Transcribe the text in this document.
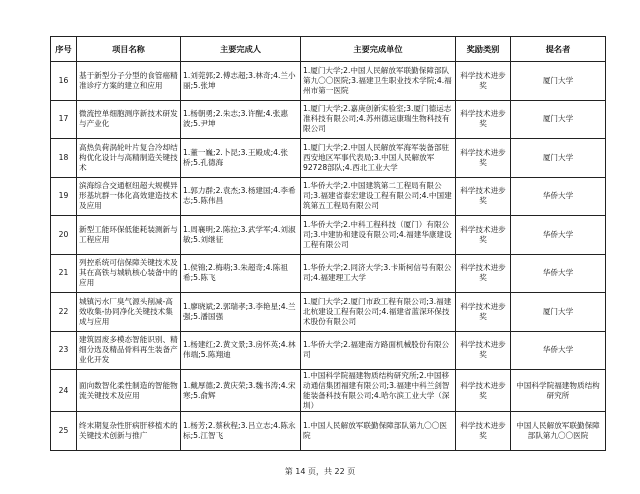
序号	项目名称	主要完成人	主要完成单位	奖励类别	提名者
16	基于新型分子分型的食管癌精准诊疗方案的建立和应用	1.刘莞郭;2.傅志超;3.林奇;4.兰小丽;5.张坤	1.厦门大学;2.中国人民解放军联勤保障部队第九〇〇医院;3.福建卫生职业技术学院;4.福州市第一医院	科学技术进步奖	厦门大学
17	微流控单细胞测序新技术研发与产业化	1.杨朝勇;2.朱志;3.许醒;4.张惠波;5.尹坤	1.厦门大学;2.嘉庚创新实验室;3.厦门德运志准科技有限公司;4.苏州德运康瑞生物科技有限公司	科学技术进步奖	厦门大学
18	高热负荷涡轮叶片复合冷却结构优化设计与高精制造关键技术	1.董一巍;2.卜昆;3.王殿成;4.张桥;5.孔德海	1.厦门大学;2.中国人民解放军海军装备部驻西安地区军事代表局;3.中国人民解放军92728部队;4.西北工业大学	科学技术进步奖	厦门大学
19	滨海综合交通枢纽超大规模异形基坑群一体化高效建造技术及应用	1.郭力群;2.袁杰;3.杨建国;4.李希志;5.陈伟昌	1.华侨大学;2.中国建筑第二工程局有限公司;3.福建省泰宏建设工程有限公司;4.中国建筑第五工程局有限公司	科学技术进步奖	华侨大学
20	新型工能环保低能耗装测新与工程应用	1.周襄明;2.陈拉;3.武学军;4.刘淑敏;5.刘继征	1.华侨大学;2.中科工程科技（厦门）有限公司;3.中建协和建设有限公司;4.福建华康建设工程有限公司	科学技术进步奖	华侨大学
21	列控系统可信保障关键技术及其在高铁与城轨核心装备中的应用	1.侯锦;2.梅萌;3.朱超奇;4.陈祖希;5.陈飞	1.华侨大学;2.同济大学;3.卡斯柯信号有限公司;4.福建理工大学	科学技术进步奖	华侨大学
22	城镇污水厂臭气源头削减-高效收集-协同净化关键技术集成与应用	1.廖晓斌;2.郭瑞孝;3.李艳星;4.兰强;5.潘国强	1.厦门大学;2.厦门市政工程有限公司;3.福建北杭建设工程有限公司;4.福建省蓝深环保技术股份有限公司	科学技术进步奖	厦门大学
23	建筑固废多模态智能识别、精细分选及精品骨料再生装备产业化开发	1.杨建红;2.黄文景;3.房怀英;4.林伟端;5.陈翔迪	1.华侨大学;2.福建南方路面机械股份有限公司	科学技术进步奖	华侨大学
24	面向数智化柔性制造的智能物流关键技术及应用	1.戴厚德;2.黄庆荣;3.魏书涛;4.宋寒;5.俞辉	1.中国科学院福建物质结构研究所;2.中国移动通信集团福建有限公司;3.福建中科兰剑智能装备科技有限公司;4.哈尔滨工业大学（深圳）	科学技术进步奖	中国科学院福建物质结构研究所
25	终末期复杂性肝病肝移植术的关键技术创新与推广	1.杨芳;2.蔡秋程;3.吕立志;4.陈永标;5.江智飞	1.中国人民解放军联勤保障部队第九〇〇医院	科学技术进步奖	中国人民解放军联勤保障部队第九〇〇医院
第 14 页，共 22 页
